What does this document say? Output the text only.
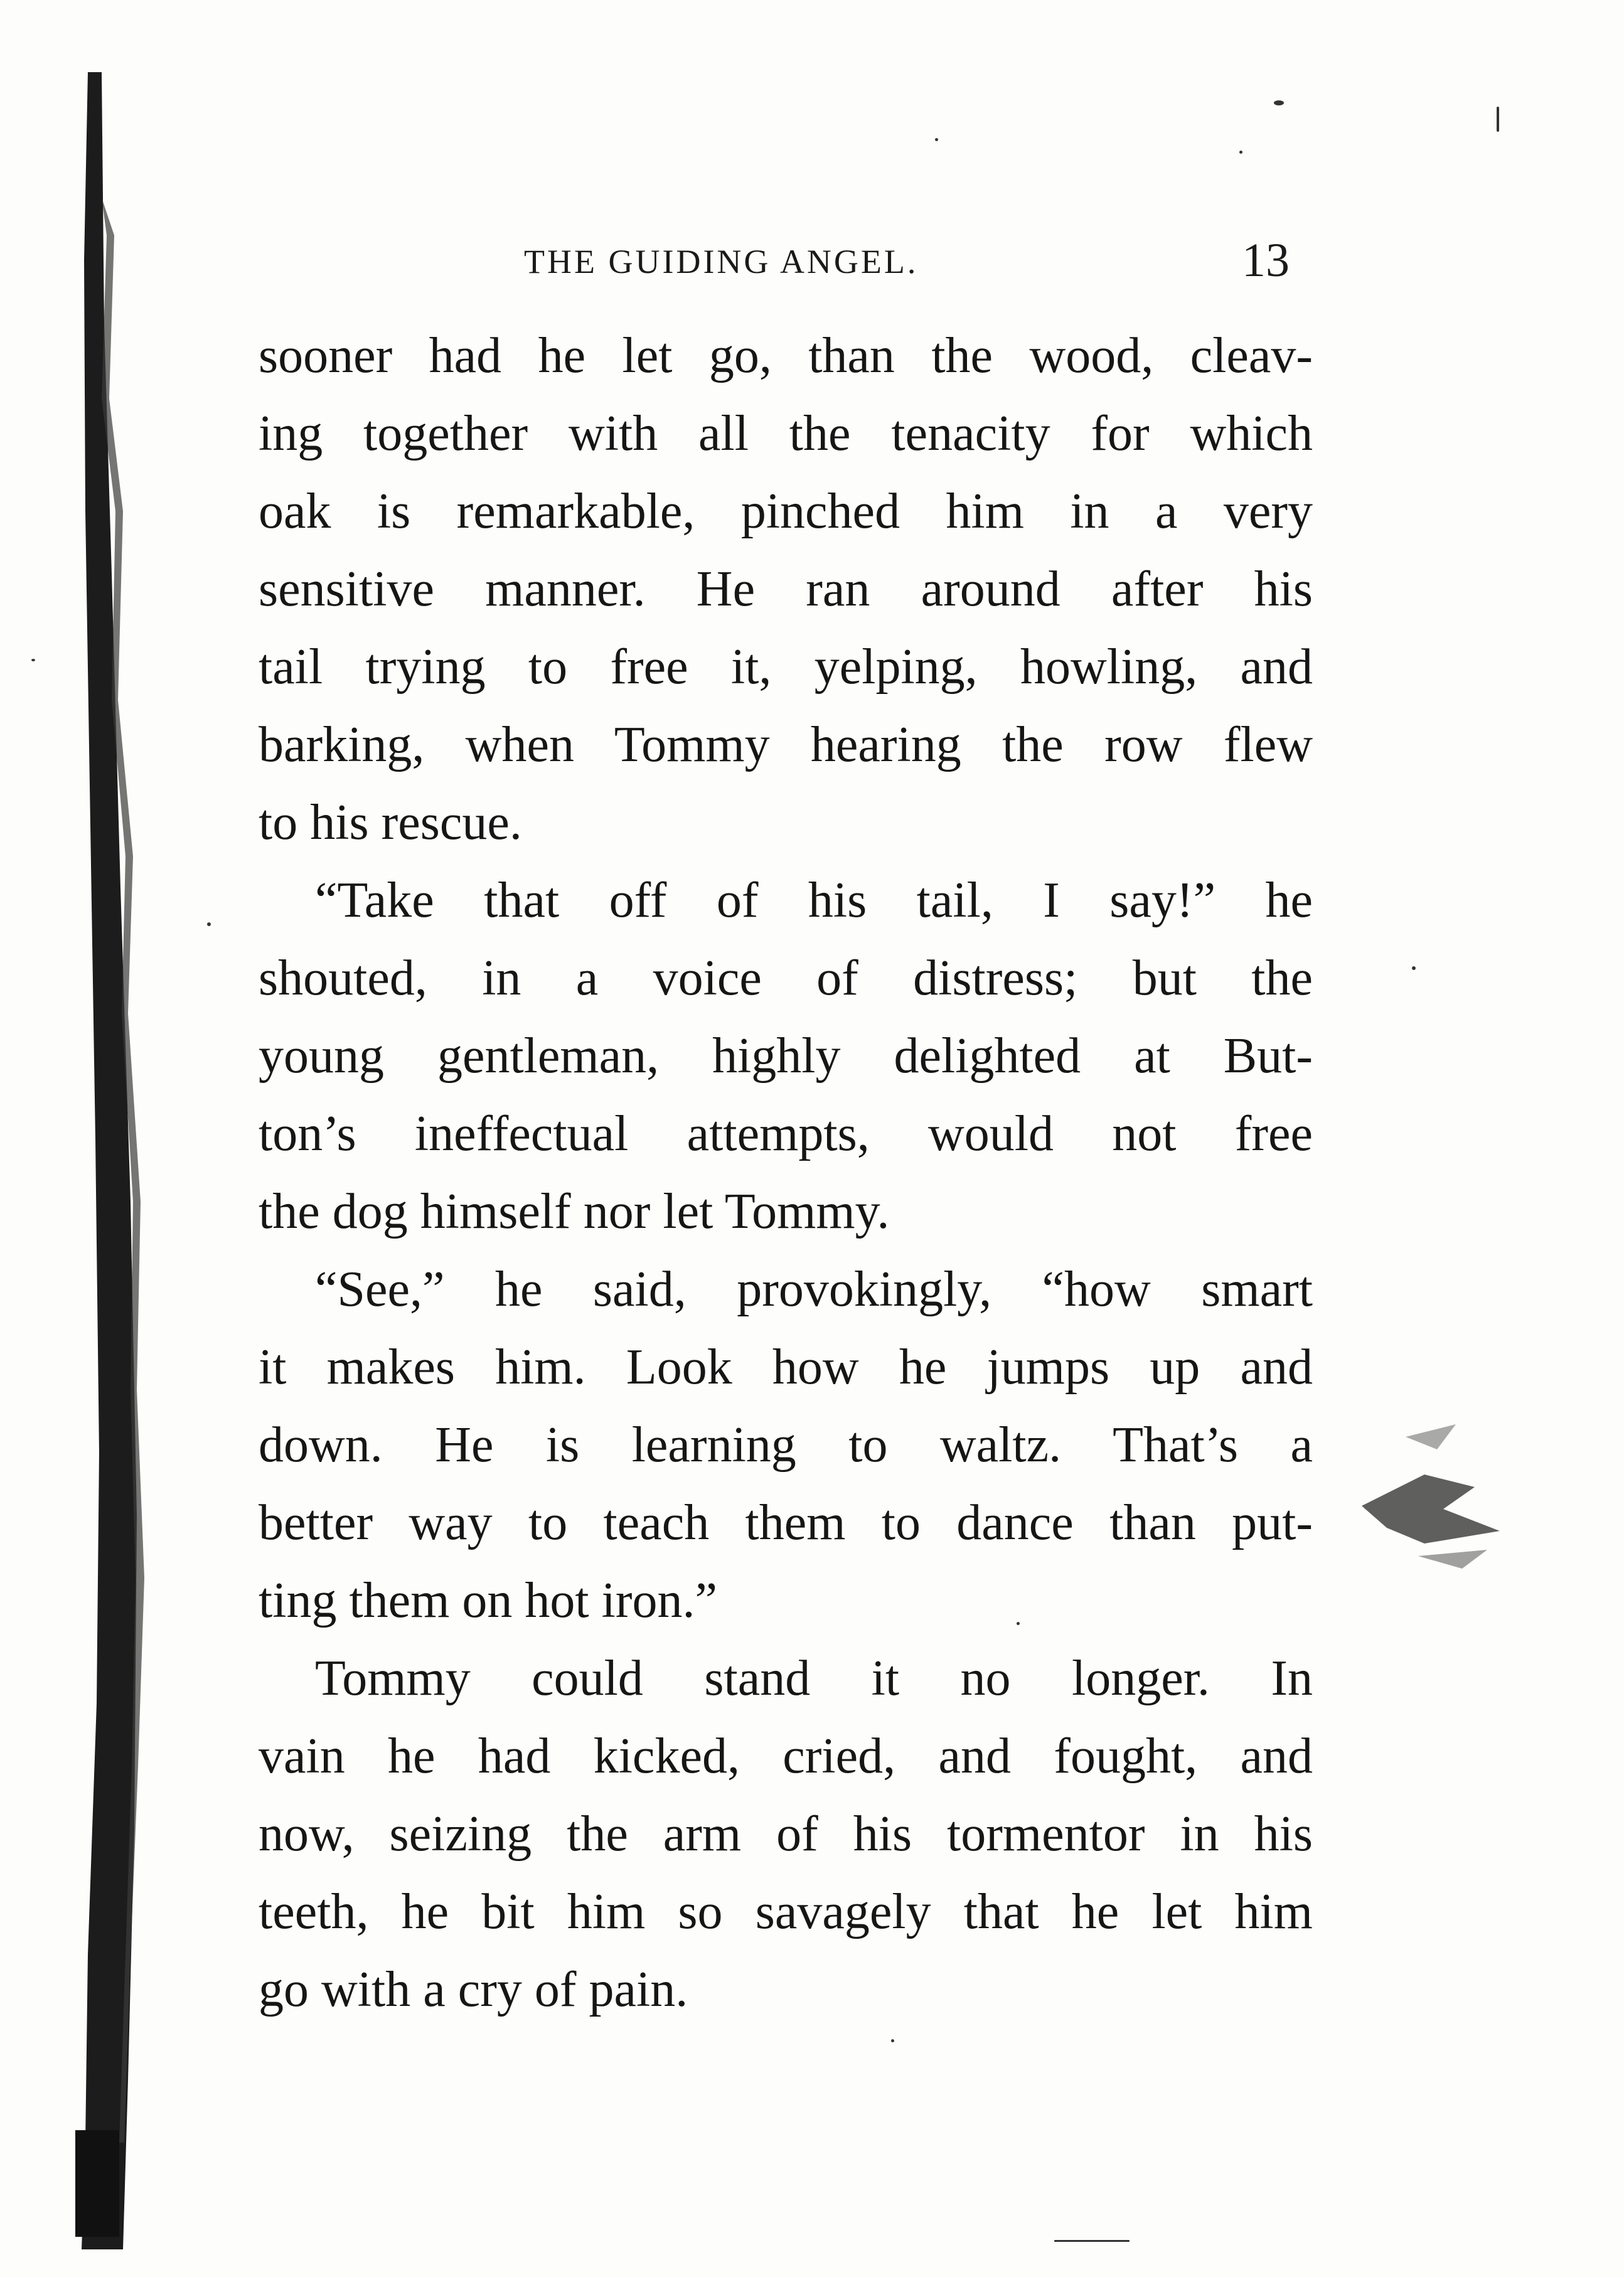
THE GUIDING ANGEL.	13

sooner had he let go, than the wood, cleav-
ing together with all the tenacity for which
oak is remarkable, pinched him in a very
sensitive manner. He ran around after his
tail trying to free it, yelping, howling, and
barking, when Tommy hearing the row flew
to his rescue.

“Take that off of his tail, I say!” he
shouted, in a voice of distress; but the
young gentleman, highly delighted at But-
ton’s ineffectual attempts, would not free
the dog himself nor let Tommy.

“See,” he said, provokingly, “how smart
it makes him. Look how he jumps up and
down. He is learning to waltz. That’s a
better way to teach them to dance than put-
ting them on hot iron.”

Tommy could stand it no longer. In
vain he had kicked, cried, and fought, and
now, seizing the arm of his tormentor in his
teeth, he bit him so savagely that he let him
go with a cry of pain.
